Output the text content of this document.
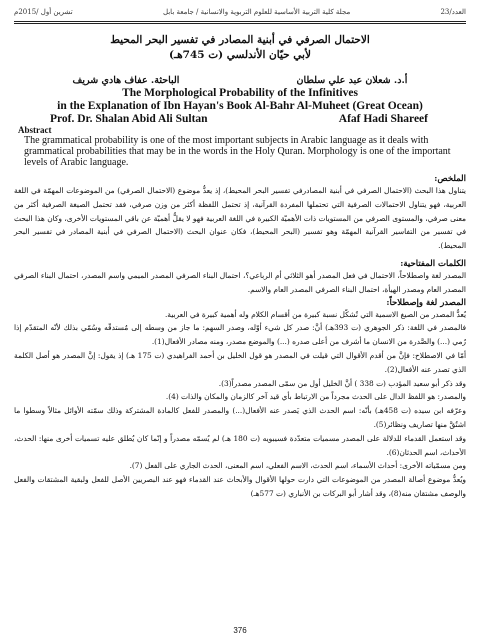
العدد/23
مجلة كلية التربية الأساسية للعلوم التربوية والانسانية / جامعة بابل
تشرين أول /2015م
الاحتمال الصرفي في أبنية المصادر في تفسير البحر المحيط
لأبي حيّان الأندلسي (ت 745هـ)
أ.د. شعلان عبد علي سلطان
الباحثة. عفاف هادي شريف
The Morphological Probability of the Infinitives
in the Explanation of Ibn Hayan's Book Al-Bahr Al-Muheet (Great Ocean)
Prof. Dr. Shalan Abid Ali Sultan	Afaf Hadi Shareef
Abstract
The grammatical probability is one of the most important subjects in Arabic language as it deals with grammatical probabilities that may be in the words in the Holy Quran. Morphology is one of the important levels of Arabic language.
الملخص:
يتناول هذا البحث (الاحتمال الصرفي في أبنية المصادرفي تفسير البحر المحيط)، إذ يعدُّ موضوع (الاحتمال الصرفي) من الموضوعات المهمّة في اللغة العربية، فهو يتناول الاحتمالات الصرفية التي تحتملها المفردة القرآنية، إذ تحتمل اللفظة أكثر من وزن صرفي، فقد تحتمل الصيغة الصرفية أكثر من معنى صرفي، والمستوى الصرفي من المستويات ذات الأهميّة الكبيرة في اللغة العربية فهو لا يقلُّ أهميّة عن باقي المستويات الأخرى، وكان هذا البحث في تفسير من التفاسير القرآنية المهمّة وهو تفسير (البحر المحيط)، فكان عنوان البحث (الاحتمال الصرفي في أبنية المصادر في تفسير البحر المحيط).
الكلمات المفتاحية:
المصدر لغة واصطلاحاً، الاحتمال في فعل المصدر أهو الثلاثي أم الرباعي؟، احتمال البناء الصرفي المصدر الميمي واسم المصدر، احتمال البناء الصرفي المصدر العام ومصدر الهيأة، احتمال البناء الصرفي المصدر العام والاسم.
المصدر لغة وإصطلاحاً:
يُعدُّ المصدر من الصيغ الاسمية التي تُشكّل نسبة كبيرة من أقسام الكلام وله أهمية كبيرة في العربية.
فالمصدر في اللغة: ذكر الجوهري (ت 393هـ) أنَّ: صدر كل شيء أوّله، وصدر السهم: ما جاز من وسطه إلى مُستدقّه وسُمّي بذلك لأنّه المتقدّم إذا رُمي (...) والصَّدرة من الانسان ما أشرف من أعلى صدره (...) والموضع مصدر، ومنه مصادر الأفعال(1).
أمّا في الاصطلاح: فإنَّ من أقدم الأقوال التي قيلت في المصدر هو قول الخليل بن أحمد الفراهيدي (ت 175 هـ) إذ يقول: إنَّ المصدر هو أصل الكلمة الذي تصدر عنه الأفعال(2).
وقد ذكر أبو سعيد المؤدب (ت 338 ) أنَّ الخليل أول من سمّى المصدر مصدراً(3).
والمصدر: هو اللفظ الدال على الحدث مجرداً من الارتباط بأي قيد آخر كالزمان والمكان والذات (4).
وعرّفه ابن سيده (ت 458هـ) بأنّه: اسم الحدث الذي يَصدر عنه الأفعال(...) والمصدر للفعل كالمادة المشتركة وذلك سمّته الأوائل مثالاً وسطوا ما اشتُقَّ منها تصاريف ونظائر(5).
وقد استعمل القدماء للدلالة على المصدر مسميات متعدّدة فسيبويه (ت 180 هـ) لم يُسمّه مصدراً و إنّما كان يُطلق عليه تسميات أخرى منها: الحدث، الأحداث، اسم الحدثان(6).
ومن مسمّياته الأخرى: أحداث الأسماء، اسم الحدث، الاسم الفعلي، اسم المعنى، الحدث الجاري على الفعل (7).
ويُعدُّ موضوع أصالة المصدر من الموضوعات التي دارت حولها الأقوال والأبحاث عند القدماء فهو عند البصريين الأصل للفعل ولبقية المشتقات والفعل والوصف مشتقان منه(8)، وقد أشار أبو البركات بن الأنباري (ت 577هـ)
376
